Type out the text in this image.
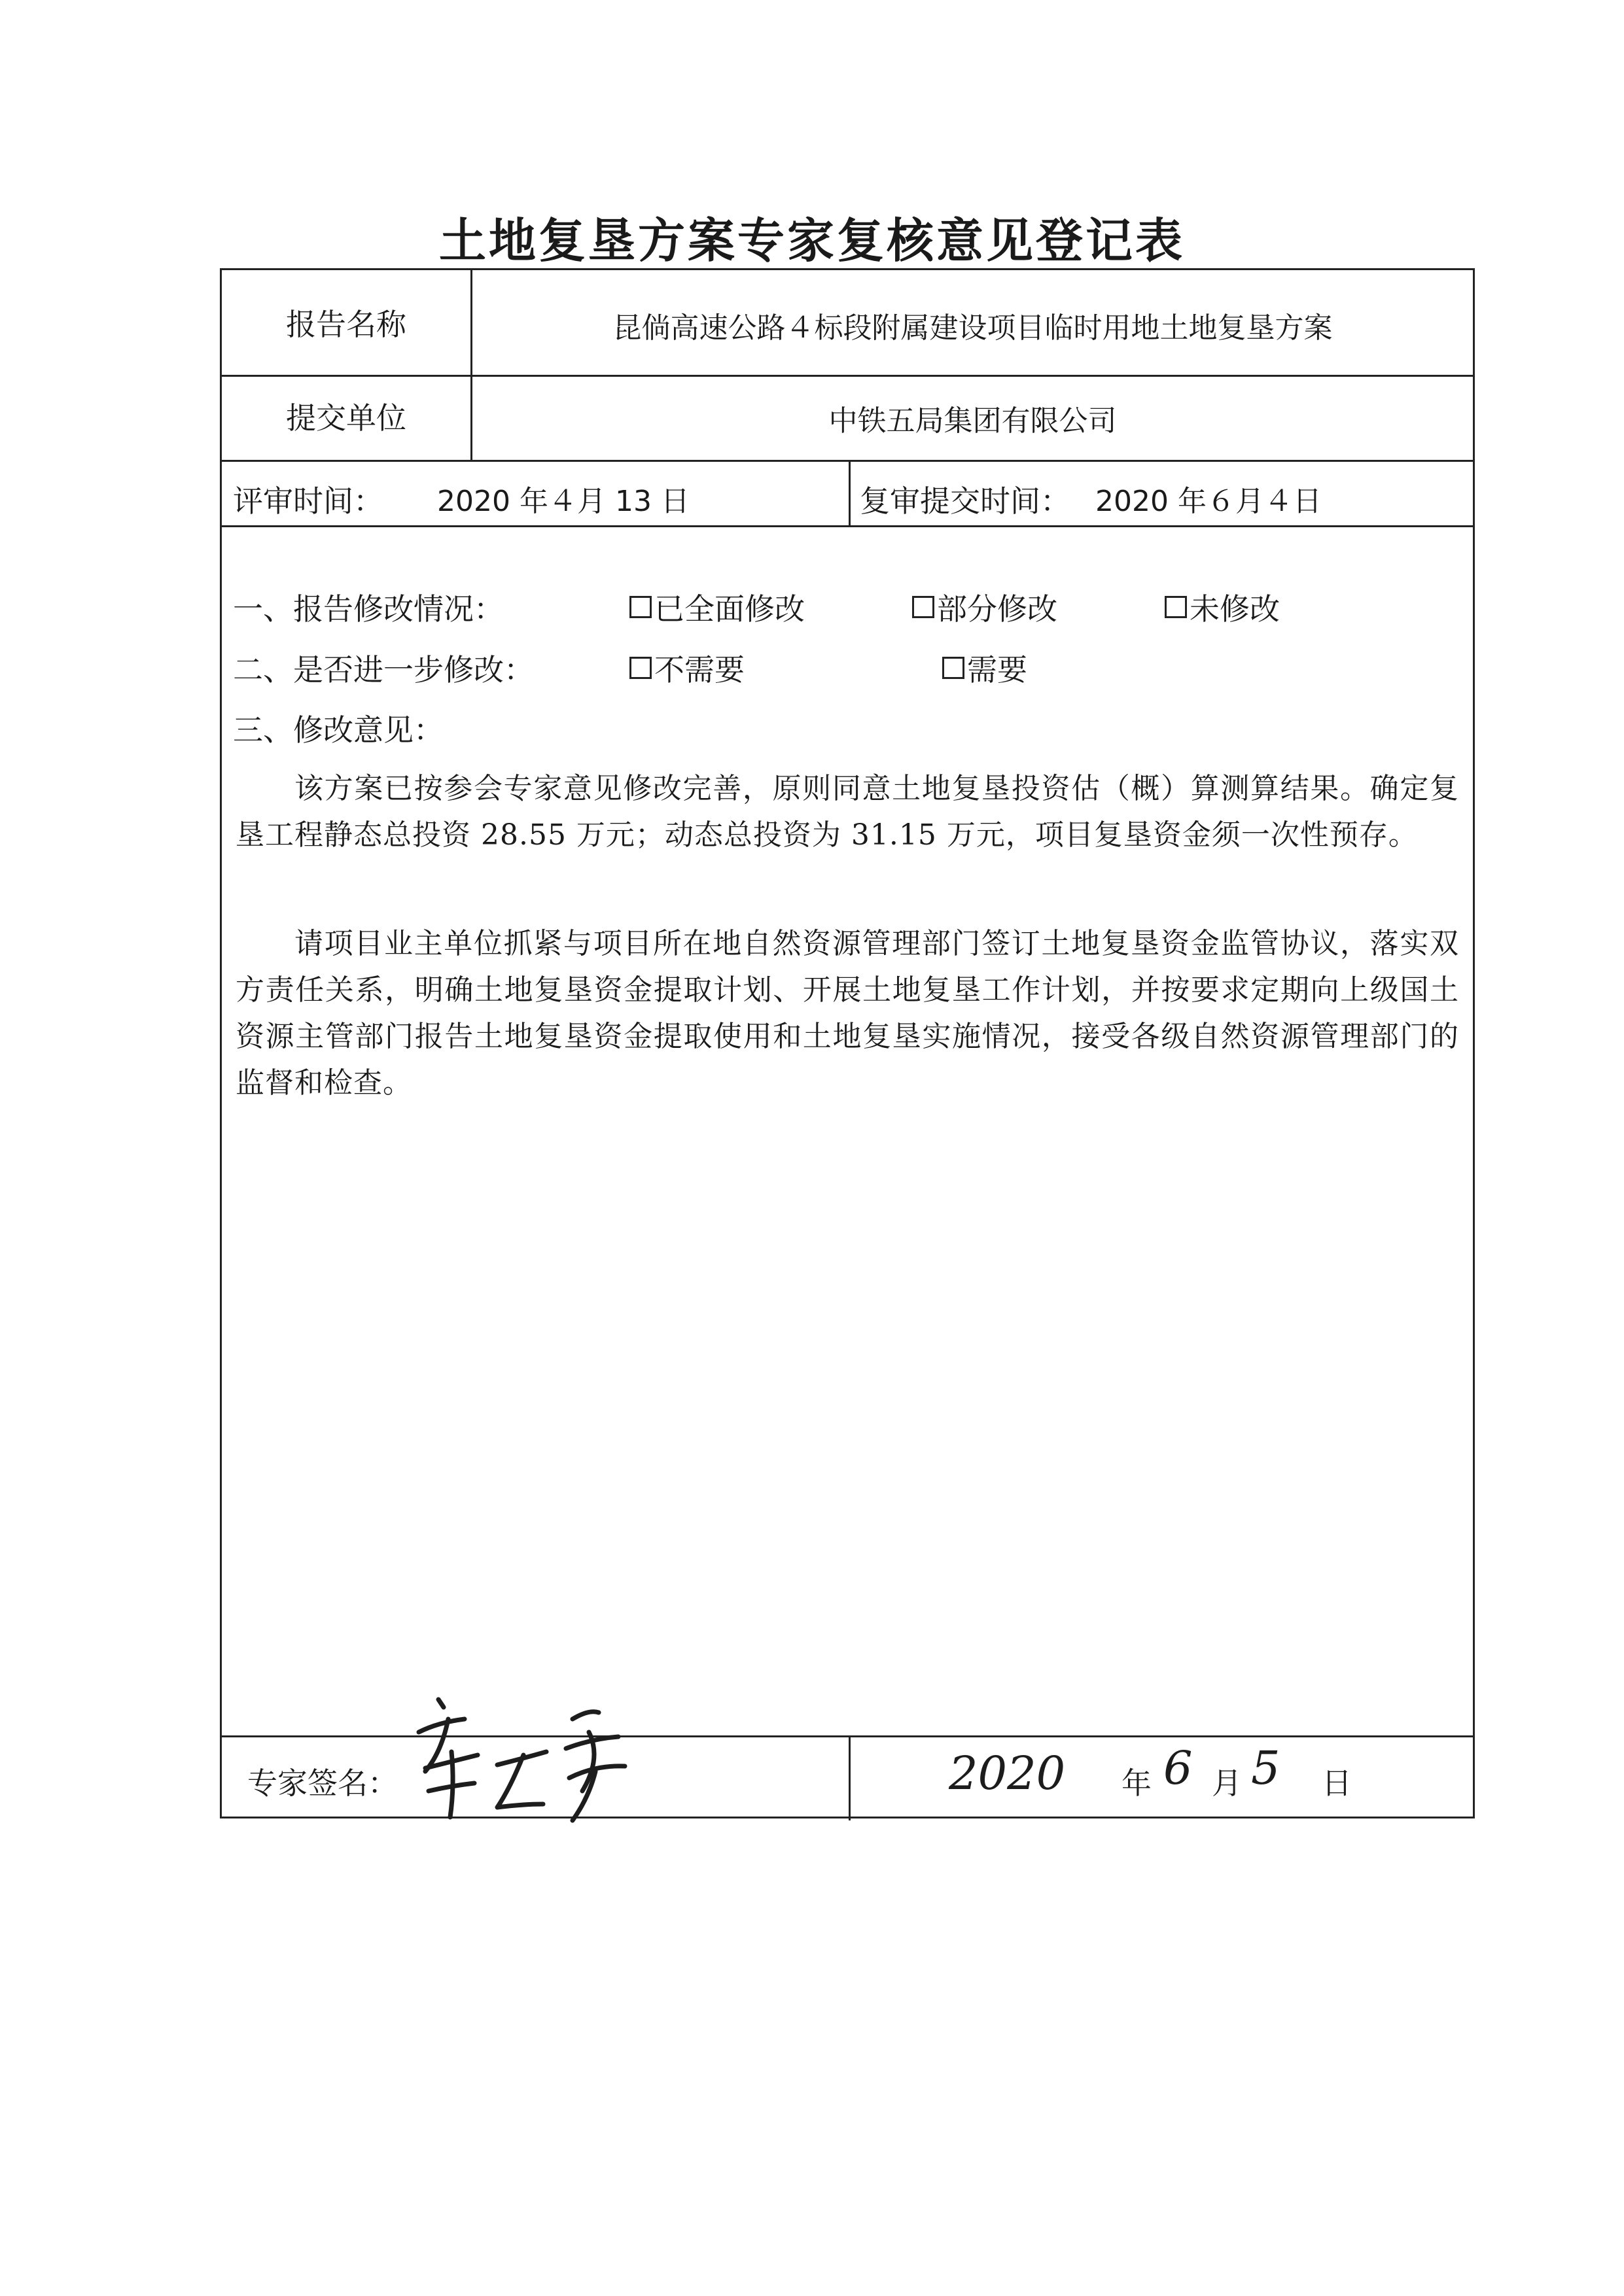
土地复垦方案专家复核意见登记表
报告名称	昆倘高速公路４标段附属建设项目临时用地土地复垦方案
提交单位	中铁五局集团有限公司
评审时间： 2020 年４月 13 日	复审提交时间： 2020 年６月４日
一、报告修改情况：	已全面修改	部分修改	未修改
二、是否进一步修改：	不需要	需要
三、修改意见：
该方案已按参会专家意见修改完善，原则同意土地复垦投资估（概）算测算结果。确定复垦工程静态总投资 28.55 万元；动态总投资为 31.15 万元，项目复垦资金须一次性预存。
请项目业主单位抓紧与项目所在地自然资源管理部门签订土地复垦资金监管协议，落实双方责任关系，明确土地复垦资金提取计划、开展土地复垦工作计划，并按要求定期向上级国土资源主管部门报告土地复垦资金提取使用和土地复垦实施情况，接受各级自然资源管理部门的监督和检查。
专家签名：	2020 年 6 月 5 日
